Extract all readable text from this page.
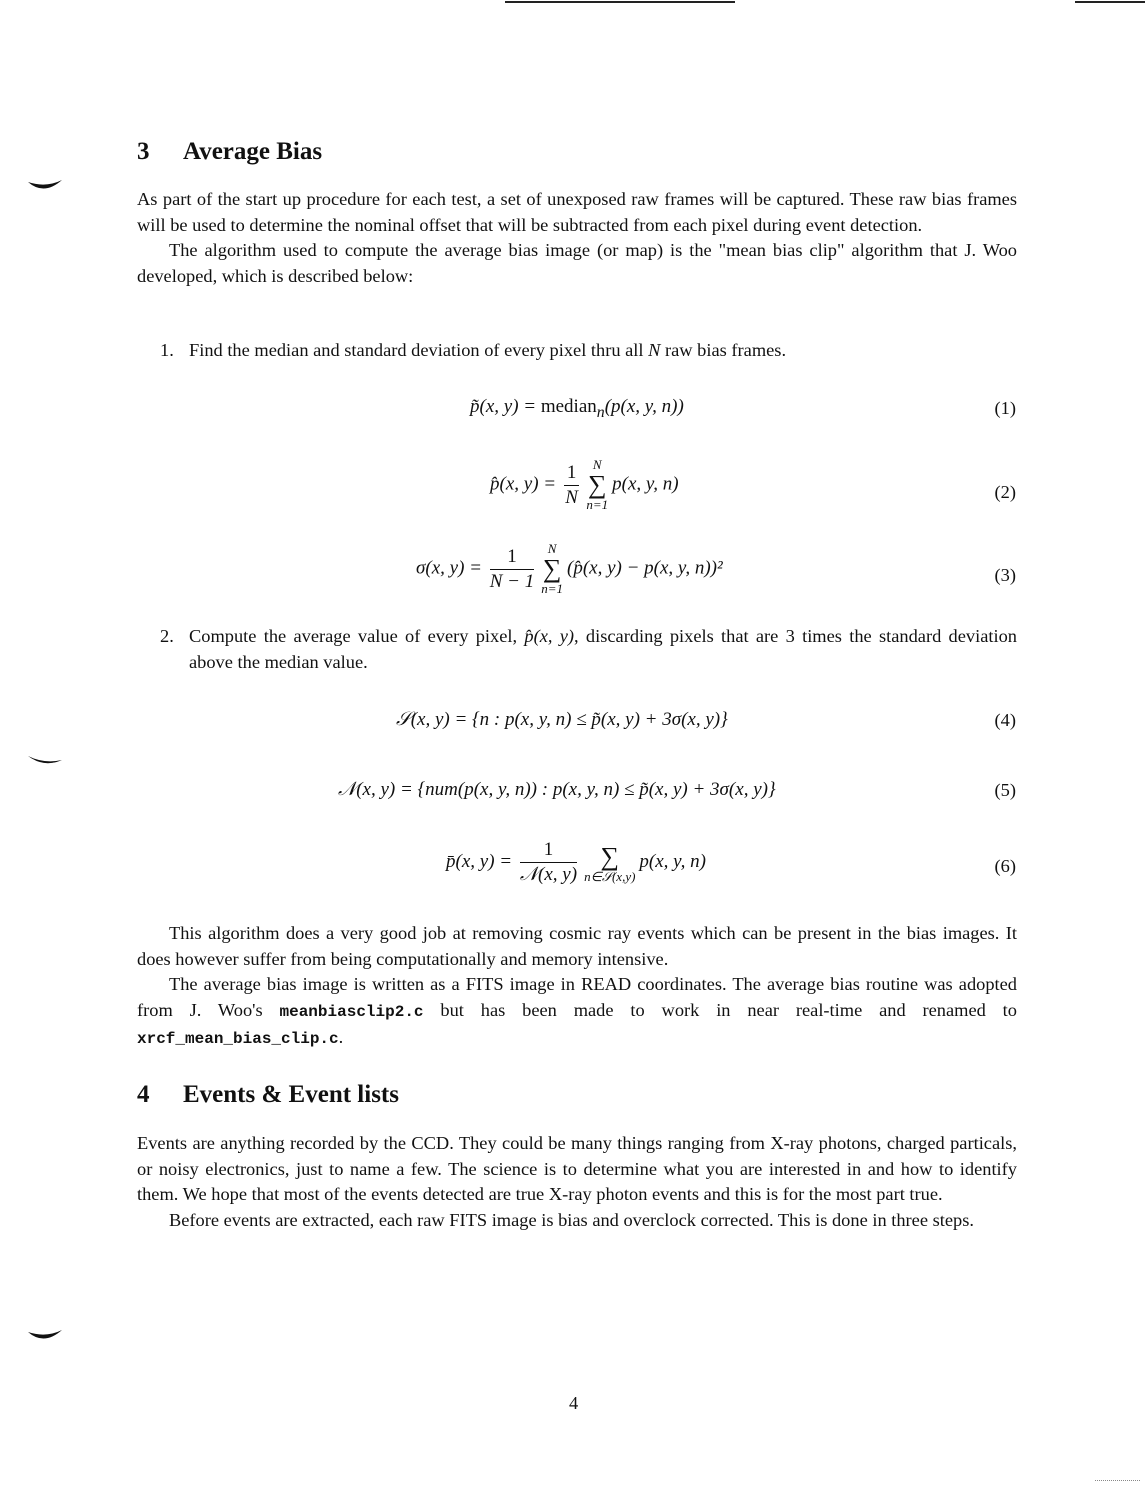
3 Average Bias

As part of the start up procedure for each test, a set of unexposed raw frames will be captured. These raw bias frames will be used to determine the nominal offset that will be subtracted from each pixel during event detection.

The algorithm used to compute the average bias image (or map) is the "mean bias clip" algorithm that J. Woo developed, which is described below:

1. Find the median and standard deviation of every pixel thru all N raw bias frames.
p̃(x, y) = median$_n$(p(x, y, n))	(1)
p̂(x, $y) = \frac{1}{N}$	N
∑
n=1
p(x, y, n)	(2)
σ(x, $y) = \frac{1}{N - 1}$	N
∑
n=1
(p̂(x, y) − p(x, y, n))²	(3)
2. Compute the average value of every pixel, p̂(x, y), discarding pixels that are 3 times the standard deviation above the median value.
𝒮(x, y) = {n : p(x, y, n) ≤ p̃(x, y) + 3σ(x, y)}	(4)
𝒩(x, y) = {num(p(x, y, n)) : p(x, y, n) ≤ p̃(x, y) + 3σ(x, y)}	(5)
p̄(x, $y) = \frac{1}{\text{𝒩(x, y)}}$ ∑
n∈𝒮(x,y)
p(x, y, n)	(6)

This algorithm does a very good job at removing cosmic ray events which can be present in the bias images. It does however suffer from being computationally and memory intensive.

The average bias image is written as a FITS image in READ coordinates. The average bias routine was adopted from J. Woo's meanbiasclip2.c but has been made to work in near real-time and renamed to xrcf_mean_bias_clip.c.

4 Events & Event lists

Events are anything recorded by the CCD. They could be many things ranging from X-ray photons, charged particals, or noisy electronics, just to name a few. The science is to determine what you are interested in and how to identify them. We hope that most of the events detected are true X-ray photon events and this is for the most part true.

Before events are extracted, each raw FITS image is bias and overclock corrected. This is done in three steps.

4
